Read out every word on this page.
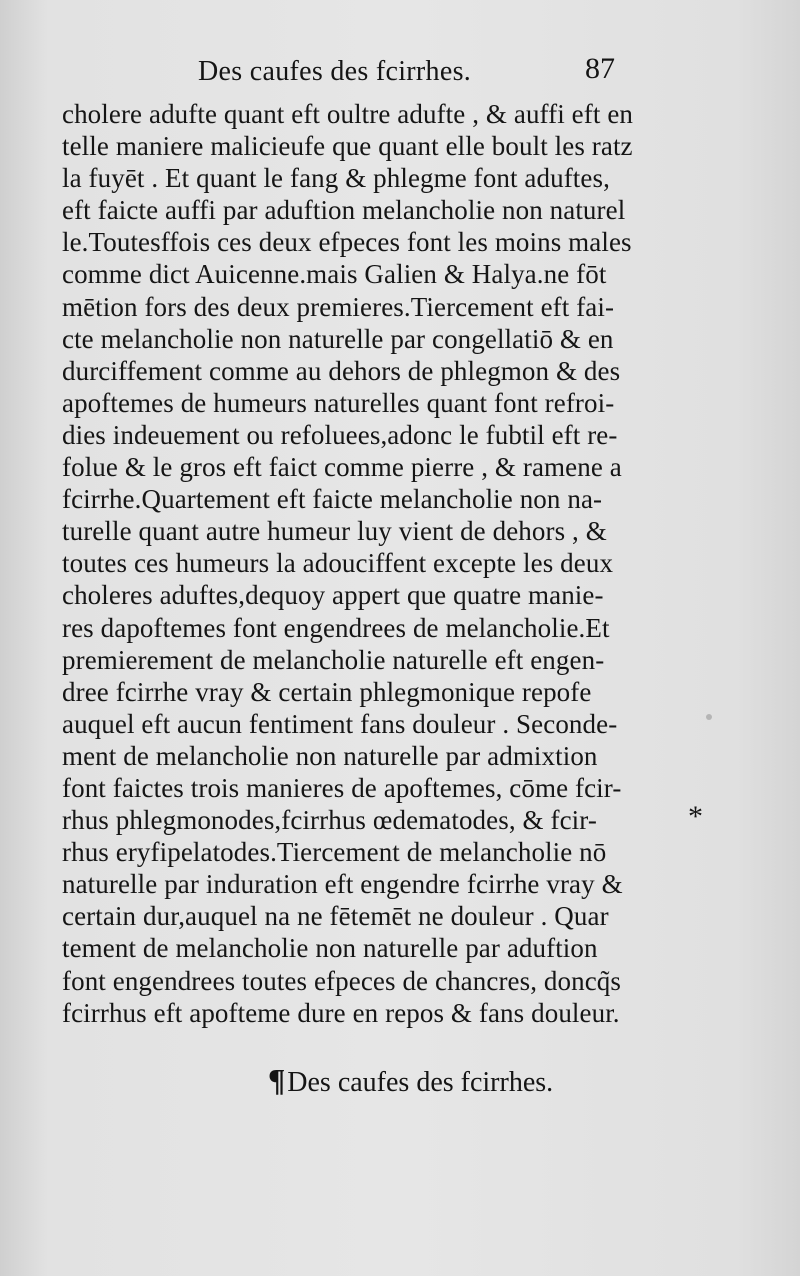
Des caufes des fcirrhes.	87
cholere adufte quant eft oultre adufte , & auffi eft en
telle maniere malicieufe que quant elle boult les ratz
la fuyēt . Et quant le fang & phlegme font aduftes,
eft faicte auffi par aduftion melancholie non naturel
le.Toutesffois ces deux efpeces font les moins males
comme dict Auicenne.mais Galien & Halya.ne fōt
mētion fors des deux premieres.Tiercement eft fai-
cte melancholie non naturelle par congellatiō & en
durciffement comme au dehors de phlegmon & des
apoftemes de humeurs naturelles quant font refroi-
dies indeuement ou refoluees,adonc le fubtil eft re-
folue & le gros eft faict comme pierre , & ramene a
fcirrhe.Quartement eft faicte melancholie non na-
turelle quant autre humeur luy vient de dehors , &
toutes ces humeurs la adouciffent excepte les deux
choleres aduftes,dequoy appert que quatre manie-
res dapoftemes font engendrees de melancholie.Et
premierement de melancholie naturelle eft engen-
dree fcirrhe vray & certain phlegmonique repofe
auquel eft aucun fentiment fans douleur . Seconde-
ment de melancholie non naturelle par admixtion
font faictes trois manieres de apoftemes, cōme fcir-
rhus phlegmonodes,fcirrhus œdematodes, & fcir-
rhus eryfipelatodes.Tiercement de melancholie nō
naturelle par induration eft engendre fcirrhe vray &
certain dur,auquel na ne fētemēt ne douleur . Quar
tement de melancholie non naturelle par aduftion
font engendrees toutes efpeces de chancres, doncq̃s
fcirrhus eft apofteme dure en repos & fans douleur.
*
¶Des caufes des fcirrhes.
